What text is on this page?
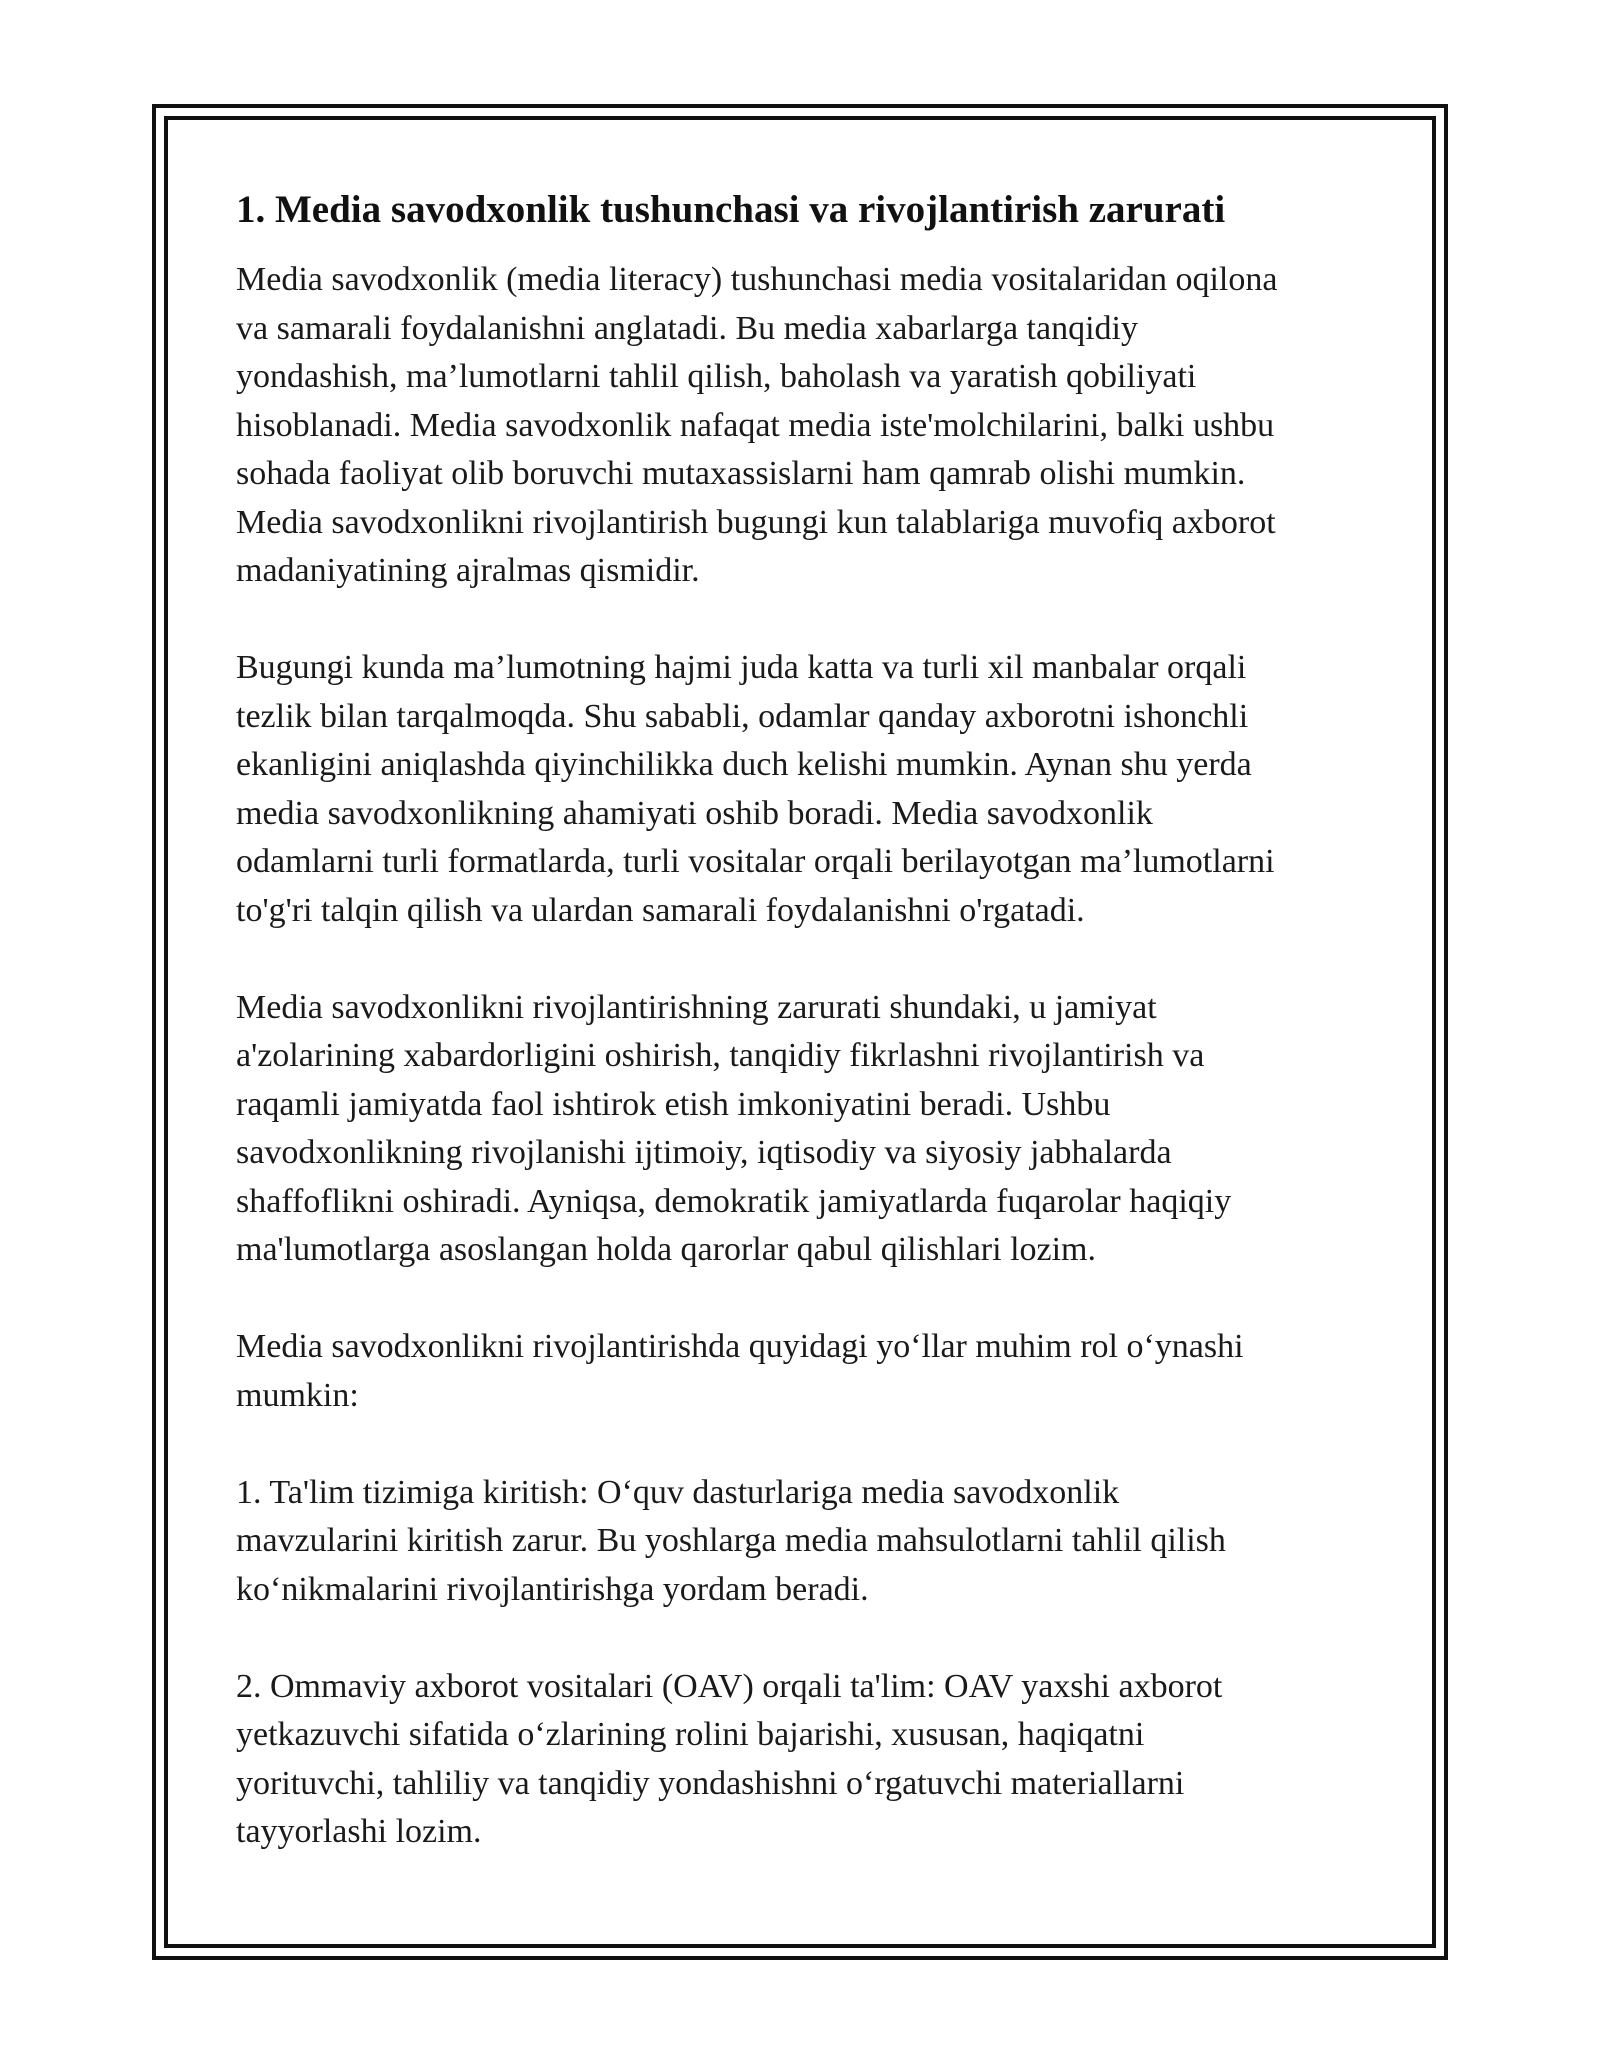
1. Media savodxonlik tushunchasi va rivojlantirish zarurati

Media savodxonlik (media literacy) tushunchasi media vositalaridan oqilona
va samarali foydalanishni anglatadi. Bu media xabarlarga tanqidiy
yondashish, ma’lumotlarni tahlil qilish, baholash va yaratish qobiliyati
hisoblanadi. Media savodxonlik nafaqat media iste'molchilarini, balki ushbu
sohada faoliyat olib boruvchi mutaxassislarni ham qamrab olishi mumkin.
Media savodxonlikni rivojlantirish bugungi kun talablariga muvofiq axborot
madaniyatining ajralmas qismidir.

Bugungi kunda ma’lumotning hajmi juda katta va turli xil manbalar orqali
tezlik bilan tarqalmoqda. Shu sababli, odamlar qanday axborotni ishonchli
ekanligini aniqlashda qiyinchilikka duch kelishi mumkin. Aynan shu yerda
media savodxonlikning ahamiyati oshib boradi. Media savodxonlik
odamlarni turli formatlarda, turli vositalar orqali berilayotgan ma’lumotlarni
to'g'ri talqin qilish va ulardan samarali foydalanishni o'rgatadi.

Media savodxonlikni rivojlantirishning zarurati shundaki, u jamiyat
a'zolarining xabardorligini oshirish, tanqidiy fikrlashni rivojlantirish va
raqamli jamiyatda faol ishtirok etish imkoniyatini beradi. Ushbu
savodxonlikning rivojlanishi ijtimoiy, iqtisodiy va siyosiy jabhalarda
shaffoflikni oshiradi. Ayniqsa, demokratik jamiyatlarda fuqarolar haqiqiy
ma'lumotlarga asoslangan holda qarorlar qabul qilishlari lozim.

Media savodxonlikni rivojlantirishda quyidagi yo‘llar muhim rol o‘ynashi
mumkin:

1. Ta'lim tizimiga kiritish: O‘quv dasturlariga media savodxonlik
mavzularini kiritish zarur. Bu yoshlarga media mahsulotlarni tahlil qilish
ko‘nikmalarini rivojlantirishga yordam beradi.

2. Ommaviy axborot vositalari (OAV) orqali ta'lim: OAV yaxshi axborot
yetkazuvchi sifatida o‘zlarining rolini bajarishi, xususan, haqiqatni
yorituvchi, tahliliy va tanqidiy yondashishni o‘rgatuvchi materiallarni
tayyorlashi lozim.
